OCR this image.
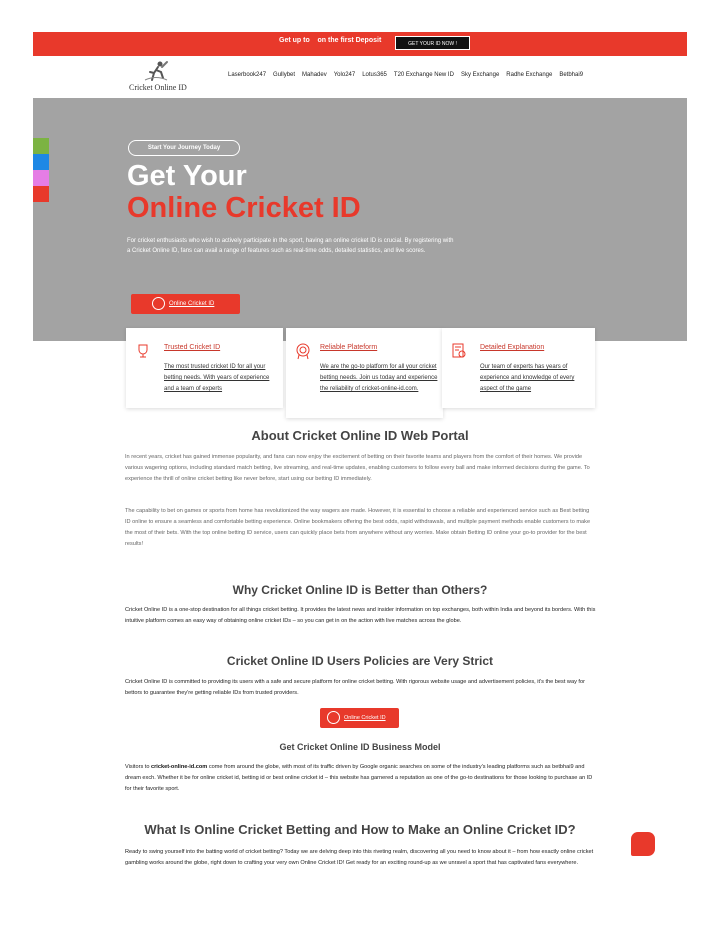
Get up to    on the first Deposit	GET YOUR ID NOW !
Cricket Online ID
Laserbook247 Gullybet Mahadev Yolo247 Lotus365 T20 Exchange New ID Sky Exchange Radhe Exchange Betbhai9
Start Your Journey Today
Get Your
Online Cricket ID

For cricket enthusiasts who wish to actively participate in the sport, having an online cricket ID is crucial. By registering with a Cricket Online ID, fans can avail a range of features such as real-time odds, detailed statistics, and live scores.

Online Cricket ID
Trusted Cricket ID
The most trusted cricket ID for all your betting needs. With years of experience and a team of experts
Reliable Plateform
We are the go-to platform for all your cricket betting needs. Join us today and experience the reliability of cricket-online-id.com.
Detailed Explanation
Our team of experts has years of experience and knowledge of every aspect of the game
About Cricket Online ID Web Portal

In recent years, cricket has gained immense popularity, and fans can now enjoy the excitement of betting on their favorite teams and players from the comfort of their homes. We provide various wagering options, including standard match betting, live streaming, and real-time updates, enabling customers to follow every ball and make informed decisions during the game. To experience the thrill of online cricket betting like never before, start using our betting ID immediately.

The capability to bet on games or sports from home has revolutionized the way wagers are made. However, it is essential to choose a reliable and experienced service such as Best betting ID online to ensure a seamless and comfortable betting experience. Online bookmakers offering the best odds, rapid withdrawals, and multiple payment methods enable customers to make the most of their bets. With the top online betting ID service, users can quickly place bets from anywhere without any worries. Make obtain Betting ID online your go-to provider for the best results!

Why Cricket Online ID is Better than Others?

Cricket Online ID is a one-stop destination for all things cricket betting. It provides the latest news and insider information on top exchanges, both within India and beyond its borders. With this intuitive platform comes an easy way of obtaining online cricket IDs – so you can get in on the action with live matches across the globe.

Cricket Online ID Users Policies are Very Strict

Cricket Online ID is committed to providing its users with a safe and secure platform for online cricket betting. With rigorous website usage and advertisement policies, it's the best way for bettors to guarantee they're getting reliable IDs from trusted providers.

Online Cricket ID
Get Cricket Online ID Business Model

Visitors to cricket-online-id.com come from around the globe, with most of its traffic driven by Google organic searches on some of the industry's leading platforms such as betbhai9 and dream exch. Whether it be for online cricket id, betting id or best online cricket id – this website has garnered a reputation as one of the go-to destinations for those looking to purchase an ID for their favorite sport.

What Is Online Cricket Betting and How to Make an Online Cricket ID?

Ready to swing yourself into the batting world of cricket betting? Today we are delving deep into this riveting realm, discovering all you need to know about it – from how exactly online cricket gambling works around the globe, right down to crafting your very own Online Cricket ID! Get ready for an exciting round-up as we unravel a sport that has captivated fans everywhere.
